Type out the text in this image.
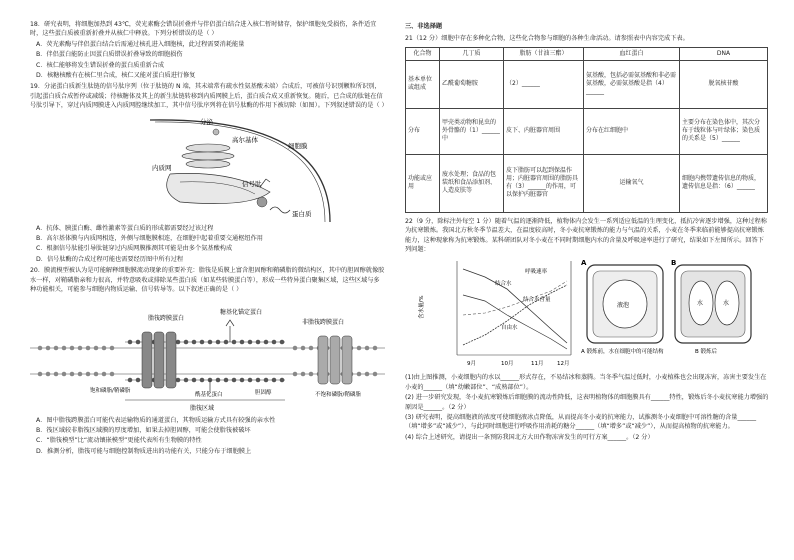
18．研究表明，将细胞加热到 43℃，荧光素酶会错误折叠并与伴侣蛋白结合进入核仁暂时储存，保护细胞免受损伤，条件适宜时，这些蛋白质被重新折叠并从核仁中释放。下列分析错误的是（ ）

A．荧光素酶与伴侣蛋白结合后需通过核孔进入细胞核，此过程需要消耗能量

B．伴侣蛋白能防止因蛋白质错误折叠导致的细胞损伤

C．核仁能够将发生错误折叠的蛋白质重新合成

D．核糖核酸有在核仁里合成，核仁又能对蛋白质进行修复

19．分泌蛋白质新生肽链的信号肽序列（位于肽链的 N 端，其末端常有疏水性氨基酸末端）合成后，可被信号识别颗粒所识别，引起蛋白质合成暂停或减缓；待核糖体及其上的新生肽链转移到内质网膜上后，蛋白质合成又重新恢复。随后，已合成的肽链在信号肽引导下，穿过内质网膜进入内质网腔继续加工，其中信号肽序列将在信号肽酶的作用下被切除（如图）。下列叙述错误的是（ ）

分泌
高尔基体
内质网
细胞膜
信号肽
蛋白质

A．抗体、胰蛋白酶、雌性激素等蛋白质的形成都需要经过该过程

B．高尔基体膜与内质网相连，外侧与细胞膜相连，在细胞中起着重要交通枢纽作用

C．根据信号肽能引导肽链穿过内质网膜推测其可能是由多个氨基酸构成

D．信号肽酶的合成过程可能也需要经历图中所有过程

20．膜流模型被认为是可能解释细胞膜流动现象的重要补充：脂筏是质膜上富含胆固醇和鞘磷脂的微结构区，其中的胆固醇就像胶水一样，对鞘磷脂亲和力很高，并特意吸收或排除某些蛋白质（如某些转膜蛋白等），形成一些特异蛋白聚集区域，这些区域与多种功能相关，可能参与细胞内物质运输、信号转导等。以下叙述正确的是（ ）

脂筏跨膜蛋白
糖基化锚定蛋白
非脂筏跨膜蛋白
脂筏区域
饱和磷脂/鞘磷脂
酰基化蛋白	胆固醇	不饱和磷脂/鞘磷脂

A．图中脂筏跨膜蛋白可能代表运输物质的通道蛋白，其物质运输方式具有较强的亲水性

B．筏区域较非脂筏区域膜的厚度增加，如果去掉胆固醇，可能会使脂筏被破坏

C．“脂筏模型”比“流动镶嵌模型”更能代表所有生物膜的特性

D．推测分析，脂筏可能与细胞控制物质进出的功能有关，只能分布于细胞膜上

三、非选择题

21（12 分）细胞中存在多种化合物，这些化合物参与细胞的各种生命活动。请参照表中内容完成下表。

化合物	几丁质	脂肪（甘油三酯）	血红蛋白	DNA
基本单位或组成	乙酰葡萄糖胺	（2）______	氨基酸，包括必需氨基酸和非必需氨基酸，必需氨基酸是指（4）______	脱氧核苷酸
分布	甲壳类动物和昆虫的外骨骼的（1）______中	皮下、内脏器官周围	分布在红细胞中	主要分布在染色体中，其次分布于线粒体与叶绿体；染色质的关系是（5）______
功能或应用	废水处理；食品的包装纸和食品添加剂、人造皮肤等	皮下脂肪可以起到保温作用；内脏器官周围的脂肪具有（3）______的作用，可以保护内脏器官	运输氧气	细胞内携带遗传信息的物质，遗传信息是指：（6）______

22（9 分，除标注外每空 1 分）随着气温的逐渐降低，植物体内会发生一系列适应低温的生理变化，抵抗冷害逐步增强，这种过程称为抗寒锻炼。我国北方秋冬季节温差大，在温度较高时，冬小麦抗寒锻炼的能力与气温的关系，小麦在冬季来临前能够提高抗寒锻炼能力，这种现象称为抗寒锻炼。某科研团队对冬小麦在不同时期细胞内水的含量及呼吸速率进行了研究，结果如下左图所示。回答下列问题：

含水量/%
结合水
自由水
呼吸速率
结合水含量
9月	10月	11月 12月
A
液泡
A 锻炼前，水在细胞中的可能结构
B
水	水
B 锻炼后

(1)由上图推测，小麦细胞内的水以______形式存在，不易结冰和蒸腾。当冬季气温过低时，小麦植株也会出现冻害，冻害主要发生在小麦的______（填“幼嫩部位”、“成熟部位”）。

(2) 进一步研究发现，冬小麦抗寒锻炼后细胞膜的流动性降低，这表明植物体的细胞膜具有______特性，锻炼后冬小麦抗寒能力增强的原因是______。（2 分）

(3) 研究表明，提高细胞液的浓度可使细胞液冰点降低，从而提高冬小麦的抗寒能力，试推测冬小麦细胞中可溶性糖的含量______（填“增多”或“减少”），与此同时细胞进行呼吸作用消耗的糖分______（填“增多”或“减少”），从而提高植物的抗寒能力。

(4) 综合上述研究，请提出一条预防我国北方大田作物冻害发生的可行方案______。（2 分）
